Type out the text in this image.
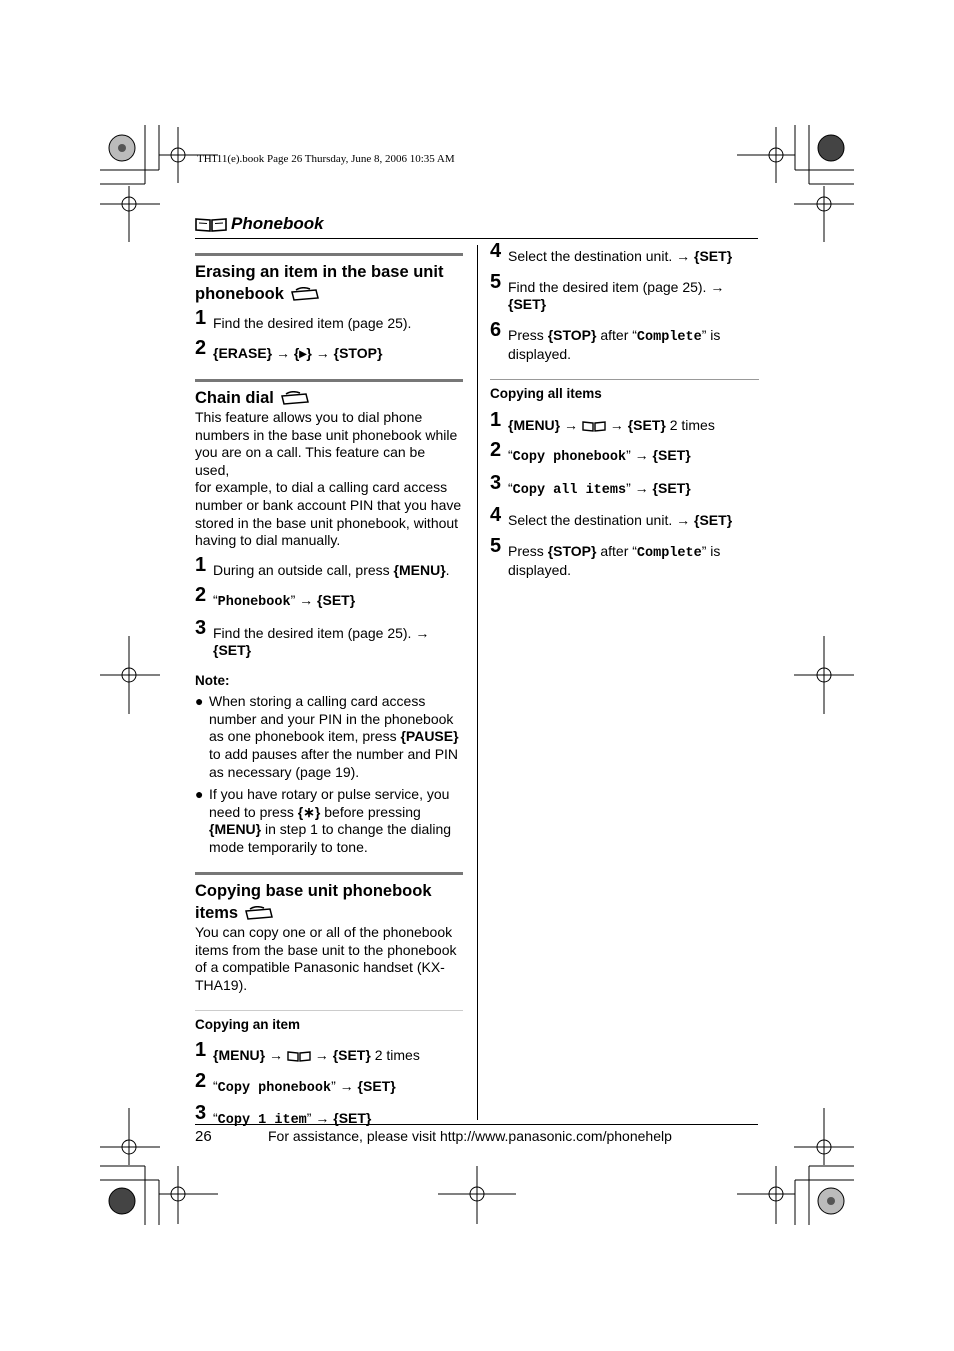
TH111(e).book Page 26 Thursday, June 8, 2006 10:35 AM
Phonebook
Erasing an item in the base unit
phonebook
1 Find the desired item (page 25).
2 {ERASE} → {▸} → {STOP}
Chain dial

This feature allows you to dial phone
numbers in the base unit phonebook while
you are on a call. This feature can be used,
for example, to dial a calling card access
number or bank account PIN that you have
stored in the base unit phonebook, without
having to dial manually.

1 During an outside call, press {MENU}.
2 “Phonebook” → {SET}
3 Find the desired item (page 25). →
{SET}
Note:
● When storing a calling card access
number and your PIN in the phonebook
as one phonebook item, press {PAUSE}
to add pauses after the number and PIN
as necessary (page 19).
● If you have rotary or pulse service, you
need to press {∗} before pressing
{MENU} in step 1 to change the dialing
mode temporarily to tone.
Copying base unit phonebook
items

You can copy one or all of the phonebook
items from the base unit to the phonebook
of a compatible Panasonic handset (KX-
THA19).

Copying an item
1 {MENU} →  → {SET} 2 times
2 “Copy phonebook” → {SET}
3 “Copy 1 item” → {SET}
4 Select the destination unit. → {SET}
5 Find the desired item (page 25). →
{SET}
6 Press {STOP} after “Complete” is
displayed.
Copying all items
1 {MENU} →  → {SET} 2 times
2 “Copy phonebook” → {SET}
3 “Copy all items” → {SET}
4 Select the destination unit. → {SET}
5 Press {STOP} after “Complete” is
displayed.
26	For assistance, please visit http://www.panasonic.com/phonehelp
